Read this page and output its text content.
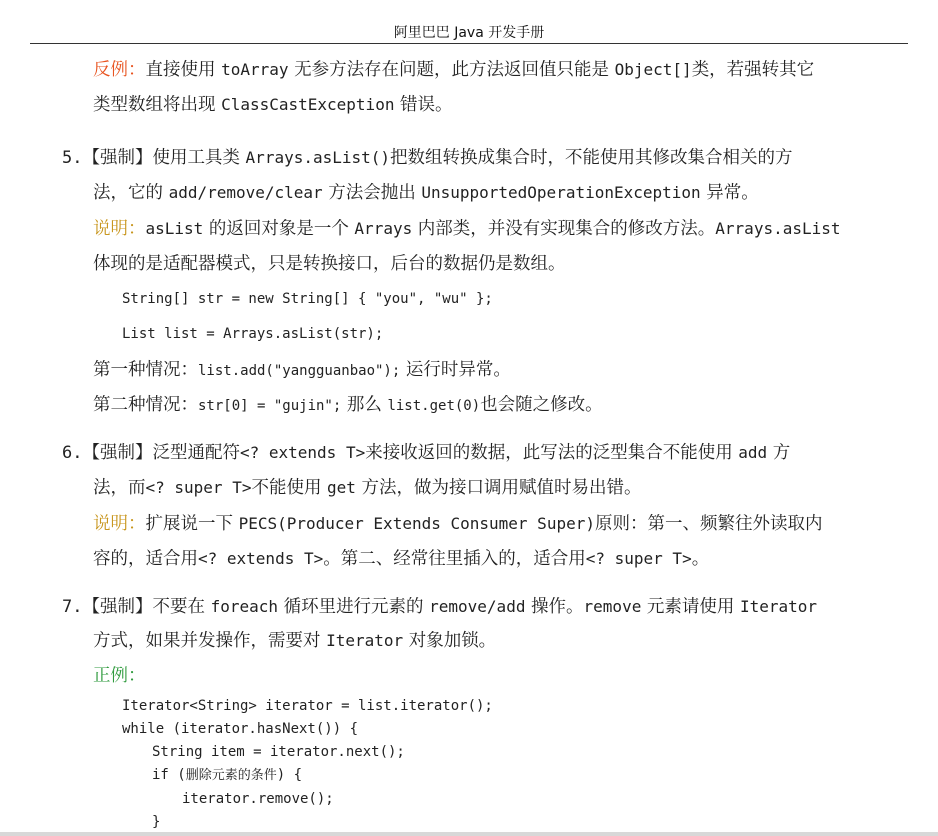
阿里巴巴 Java 开发手册
反例：直接使用 toArray 无参方法存在问题，此方法返回值只能是 Object[]类，若强转其它
类型数组将出现 ClassCastException 错误。
5.【强制】使用工具类 Arrays.asList()把数组转换成集合时，不能使用其修改集合相关的方
法，它的 add/remove/clear 方法会抛出 UnsupportedOperationException 异常。
说明：asList 的返回对象是一个 Arrays 内部类，并没有实现集合的修改方法。Arrays.asList
体现的是适配器模式，只是转换接口，后台的数据仍是数组。
String[] str = new String[] { "you", "wu" };
List list = Arrays.asList(str);
第一种情况：list.add("yangguanbao"); 运行时异常。
第二种情况：str[0] = "gujin"; 那么 list.get(0)也会随之修改。
6.【强制】泛型通配符<? extends T>来接收返回的数据，此写法的泛型集合不能使用 add 方
法，而<? super T>不能使用 get 方法，做为接口调用赋值时易出错。
说明：扩展说一下 PECS(Producer Extends Consumer Super)原则：第一、频繁往外读取内
容的，适合用<? extends T>。第二、经常往里插入的，适合用<? super T>。
7.【强制】不要在 foreach 循环里进行元素的 remove/add 操作。remove 元素请使用 Iterator
方式，如果并发操作，需要对 Iterator 对象加锁。
正例：
Iterator<String> iterator = list.iterator();
while (iterator.hasNext()) {
String item = iterator.next();
if (删除元素的条件) {
iterator.remove();
}
